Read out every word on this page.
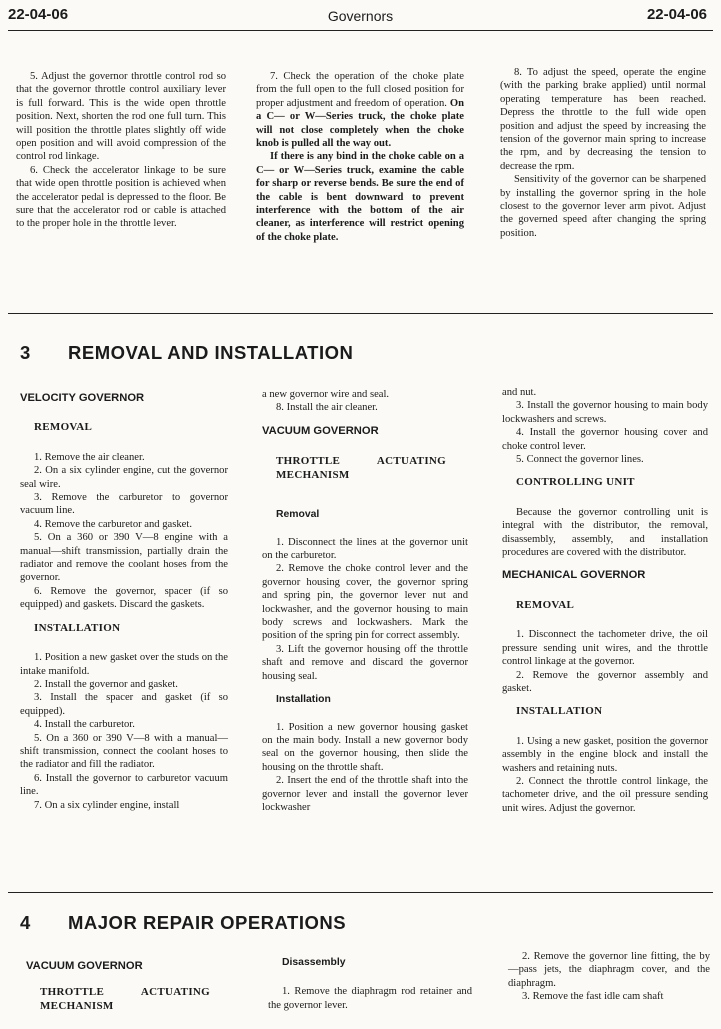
22-04-06	Governors	22-04-06

5. Adjust the governor throttle control rod so that the governor throttle control auxiliary lever is full forward. This is the wide open throttle position. Next, shorten the rod one full turn. This will position the throttle plates slightly off wide open position and will avoid compression of the control rod linkage.

6. Check the accelerator linkage to be sure that wide open throttle position is achieved when the accelerator pedal is depressed to the floor. Be sure that the accelerator rod or cable is attached to the proper hole in the throttle lever.

7. Check the operation of the choke plate from the full open to the full closed position for proper adjustment and freedom of operation. On a C— or W—Series truck, the choke plate will not close completely when the choke knob is pulled all the way out.

If there is any bind in the choke cable on a C— or W—Series truck, examine the cable for sharp or reverse bends. Be sure the end of the cable is bent downward to prevent interference with the bottom of the air cleaner, as interference will restrict opening of the choke plate.

8. To adjust the speed, operate the engine (with the parking brake applied) until normal operating temperature has been reached. Depress the throttle to the full wide open position and adjust the speed by increasing the tension of the governor main spring to increase the rpm, and by decreasing the tension to decrease the rpm.

Sensitivity of the governor can be sharpened by installing the governor spring in the hole closest to the governor lever arm pivot. Adjust the governed speed after changing the spring position.

3 REMOVAL AND INSTALLATION
VELOCITY GOVERNOR
REMOVAL

1. Remove the air cleaner.

2. On a six cylinder engine, cut the governor seal wire.

3. Remove the carburetor to governor vacuum line.

4. Remove the carburetor and gasket.

5. On a 360 or 390 V—8 engine with a manual—shift transmission, partially drain the radiator and remove the coolant hoses from the governor.

6. Remove the governor, spacer (if so equipped) and gaskets. Discard the gaskets.

INSTALLATION

1. Position a new gasket over the studs on the intake manifold.

2. Install the governor and gasket.

3. Install the spacer and gasket (if so equipped).

4. Install the carburetor.

5. On a 360 or 390 V—8 with a manual—shift transmission, connect the coolant hoses to the radiator and fill the radiator.

6. Install the governor to carburetor vacuum line.

7. On a six cylinder engine, install

a new governor wire and seal.

8. Install the air cleaner.

VACUUM GOVERNOR
THROTTLE ACTUATING MECHANISM
Removal

1. Disconnect the lines at the governor unit on the carburetor.

2. Remove the choke control lever and the governor housing cover, the governor spring and spring pin, the governor lever nut and lockwasher, and the governor housing to main body screws and lockwashers. Mark the position of the spring pin for correct assembly.

3. Lift the governor housing off the throttle shaft and remove and discard the governor housing seal.

Installation

1. Position a new governor housing gasket on the main body. Install a new governor body seal on the governor housing, then slide the housing on the throttle shaft.

2. Insert the end of the throttle shaft into the governor lever and install the governor lever lockwasher

and nut.

3. Install the governor housing to main body lockwashers and screws.

4. Install the governor housing cover and choke control lever.

5. Connect the governor lines.

CONTROLLING UNIT

Because the governor controlling unit is integral with the distributor, the removal, disassembly, assembly, and installation procedures are covered with the distributor.

MECHANICAL GOVERNOR
REMOVAL

1. Disconnect the tachometer drive, the oil pressure sending unit wires, and the throttle control linkage at the governor.

2. Remove the governor assembly and gasket.

INSTALLATION

1. Using a new gasket, position the governor assembly in the engine block and install the washers and retaining nuts.

2. Connect the throttle control linkage, the tachometer drive, and the oil pressure sending unit wires. Adjust the governor.

4 MAJOR REPAIR OPERATIONS
VACUUM GOVERNOR
THROTTLE ACTUATING MECHANISM
Disassembly

1. Remove the diaphragm rod retainer and the governor lever.

2. Remove the governor line fitting, the by—pass jets, the diaphragm cover, and the diaphragm.

3. Remove the fast idle cam shaft
